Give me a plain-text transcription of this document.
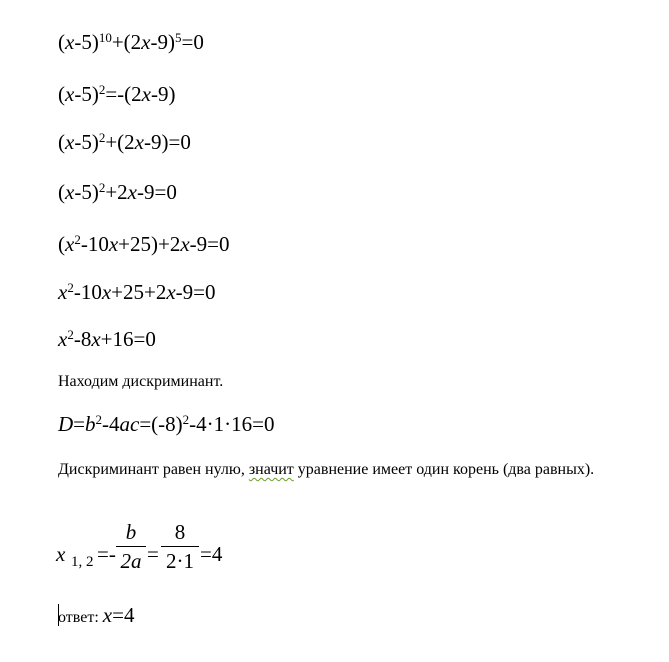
$(x-5)^{10}+(2x-9)^5=0$
$(x-5)^2=-(2x-9)$
$(x-5)^2+(2x-9)=0$
$(x-5)^2+2x-9=0$
$(x^2-10x+25)+2x-9=0$
$x^2-10x+25+2x-9=0$
$x^2-8x+16=0$
Находим дискриминант.
$D=b^2-4ac=(-8)^2-4\cdot 1\cdot 16=0$
Дискриминант равен нулю, значит уравнение имеет один корень (два равных).
x 1, 2 =-
b
2a =
8
2·1 =4
ответ: x=4
